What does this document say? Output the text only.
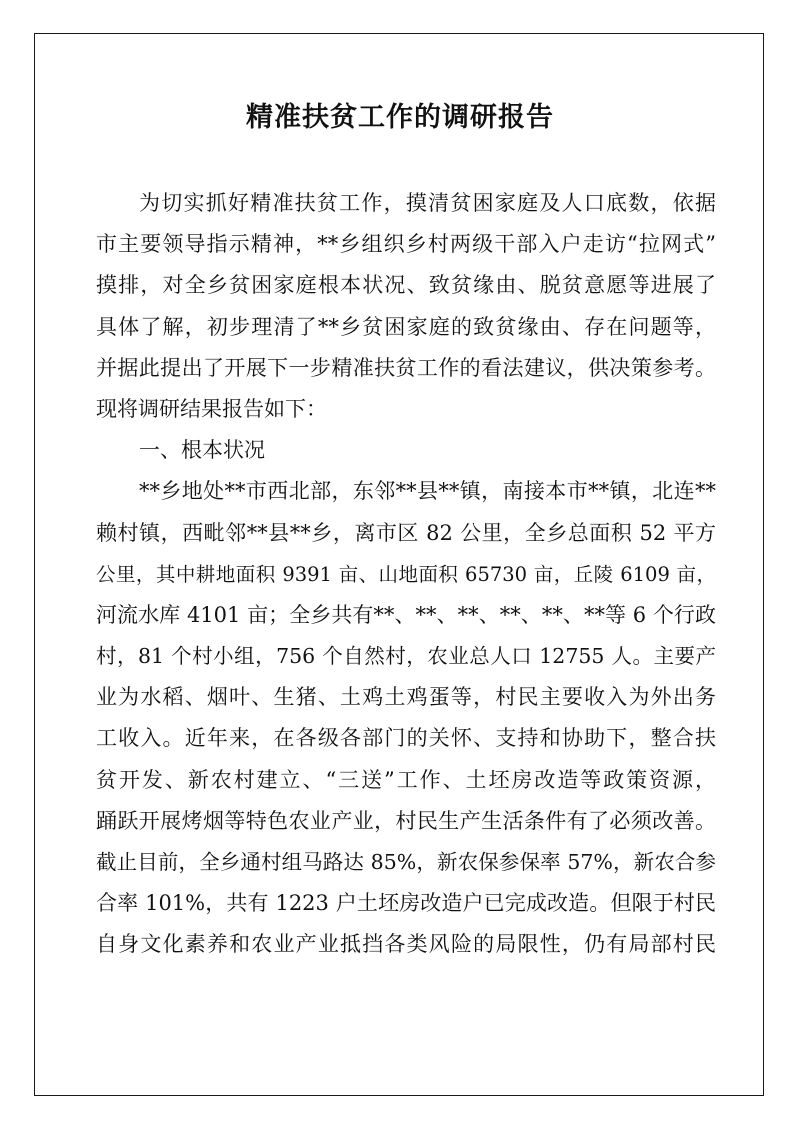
精准扶贫工作的调研报告
为切实抓好精准扶贫工作，摸清贫困家庭及人口底数，依据
市主要领导指示精神，**乡组织乡村两级干部入户走访“拉网式”
摸排，对全乡贫困家庭根本状况、致贫缘由、脱贫意愿等进展了
具体了解，初步理清了**乡贫困家庭的致贫缘由、存在问题等，
并据此提出了开展下一步精准扶贫工作的看法建议，供决策参考。
现将调研结果报告如下：
一、根本状况
**乡地处**市西北部，东邻**县**镇，南接本市**镇，北连**
赖村镇，西毗邻**县**乡，离市区 82 公里，全乡总面积 52 平方
公里，其中耕地面积 9391 亩、山地面积 65730 亩，丘陵 6109 亩，
河流水库 4101 亩；全乡共有**、**、**、**、**、**等 6 个行政
村，81 个村小组，756 个自然村，农业总人口 12755 人。主要产
业为水稻、烟叶、生猪、土鸡土鸡蛋等，村民主要收入为外出务
工收入。近年来，在各级各部门的关怀、支持和协助下，整合扶
贫开发、新农村建立、“三送”工作、土坯房改造等政策资源，
踊跃开展烤烟等特色农业产业，村民生产生活条件有了必须改善。
截止目前，全乡通村组马路达 85%，新农保参保率 57%，新农合参
合率 101%，共有 1223 户土坯房改造户已完成改造。但限于村民
自身文化素养和农业产业抵挡各类风险的局限性，仍有局部村民
